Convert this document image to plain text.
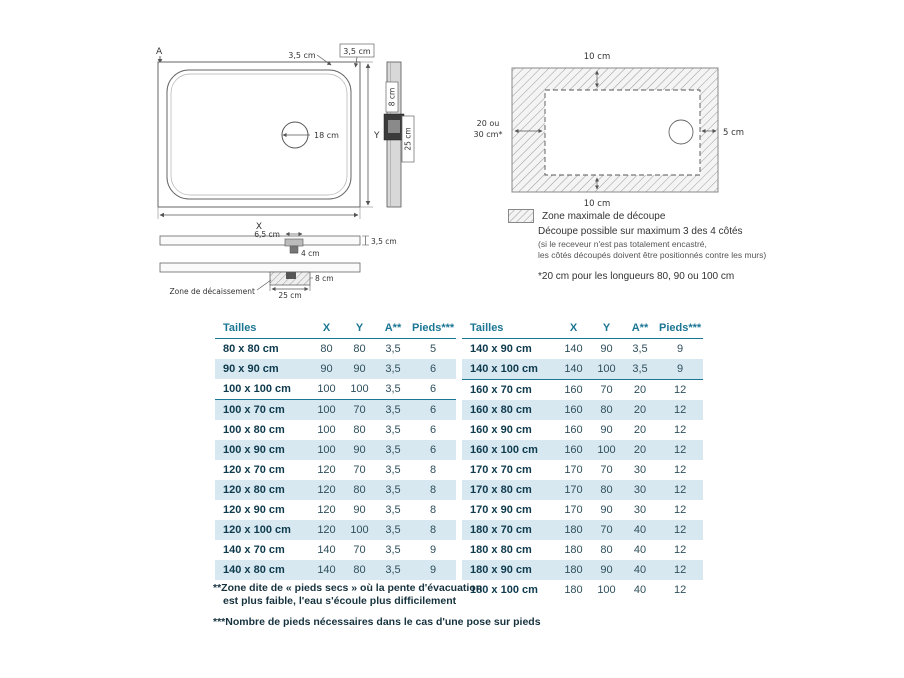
A	3,5 cm	3,5 cm
18 cm	Y
X
8 cm
25 cm
6,5 cm
4 cm
3,5 cm
8 cm
25 cm
Zone de décaissement
10 cm
10 cm
20 ou
30 cm*	5 cm
Zone maximale de découpe
Découpe possible sur maximum 3 des 4 côtés
(si le receveur n'est pas totalement encastré,
les côtés découpés doivent être positionnés contre les murs)
*20 cm pour les longueurs 80, 90 ou 100 cm
Tailles	X	Y	A**	Pieds***
80 x 80 cm	80	80	3,5	5
90 x 90 cm	90	90	3,5	6
100 x 100 cm	100	100	3,5	6
100 x 70 cm	100	70	3,5	6
100 x 80 cm	100	80	3,5	6
100 x 90 cm	100	90	3,5	6
120 x 70 cm	120	70	3,5	8
120 x 80 cm	120	80	3,5	8
120 x 90 cm	120	90	3,5	8
120 x 100 cm	120	100	3,5	8
140 x 70 cm	140	70	3,5	9
140 x 80 cm	140	80	3,5	9
Tailles	X	Y	A**	Pieds***
140 x 90 cm	140	90	3,5	9
140 x 100 cm	140	100	3,5	9
160 x 70 cm	160	70	20	12
160 x 80 cm	160	80	20	12
160 x 90 cm	160	90	20	12
160 x 100 cm	160	100	20	12
170 x 70 cm	170	70	30	12
170 x 80 cm	170	80	30	12
170 x 90 cm	170	90	30	12
180 x 70 cm	180	70	40	12
180 x 80 cm	180	80	40	12
180 x 90 cm	180	90	40	12
180 x 100 cm	180	100	40	12
**Zone dite de « pieds secs » où la pente d'évacuation
est plus faible, l'eau s'écoule plus difficilement
***Nombre de pieds nécessaires dans le cas d'une pose sur pieds
